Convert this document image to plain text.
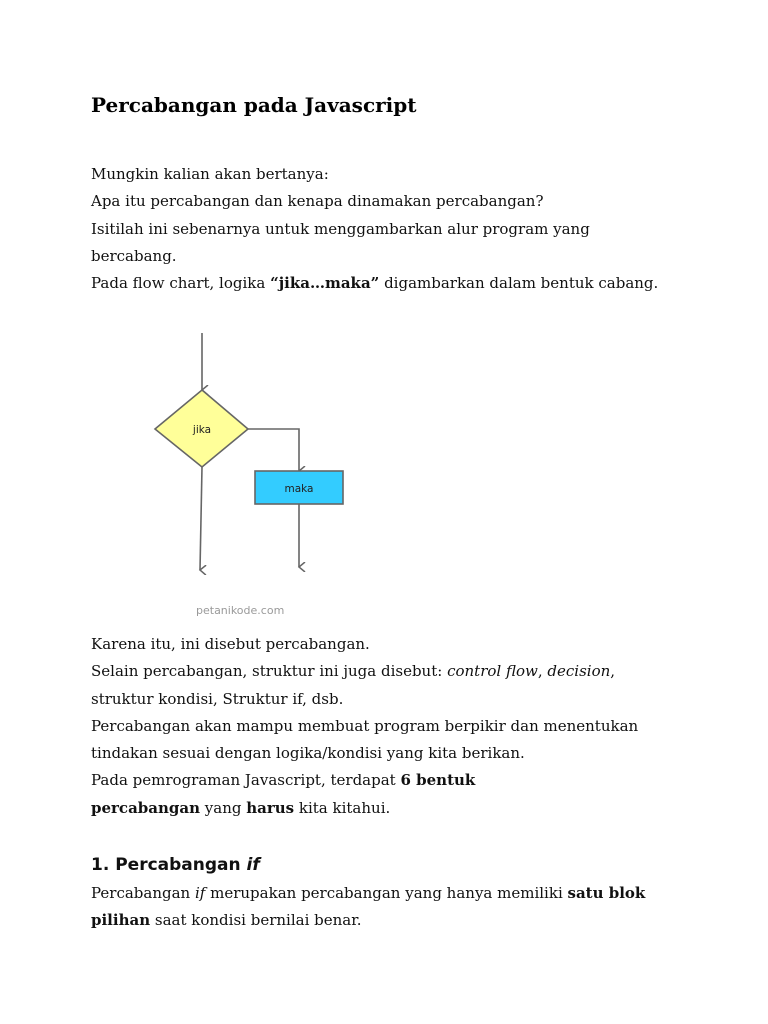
Percabangan pada Javascript

Mungkin kalian akan bertanya:

Apa itu percabangan dan kenapa dinamakan percabangan?

Isitilah ini sebenarnya untuk menggambarkan alur program yang

bercabang.

Pada flow chart, logika “jika…maka” digambarkan dalam bentuk cabang.

jika
maka
petanikode.com

Karena itu, ini disebut percabangan.

Selain percabangan, struktur ini juga disebut: control flow, decision,

struktur kondisi, Struktur if, dsb.

Percabangan akan mampu membuat program berpikir dan menentukan

tindakan sesuai dengan logika/kondisi yang kita berikan.

Pada pemrograman Javascript, terdapat 6 bentuk

percabangan yang harus kita kitahui.

1. Percabangan if

Percabangan if merupakan percabangan yang hanya memiliki satu blok

pilihan saat kondisi bernilai benar.
